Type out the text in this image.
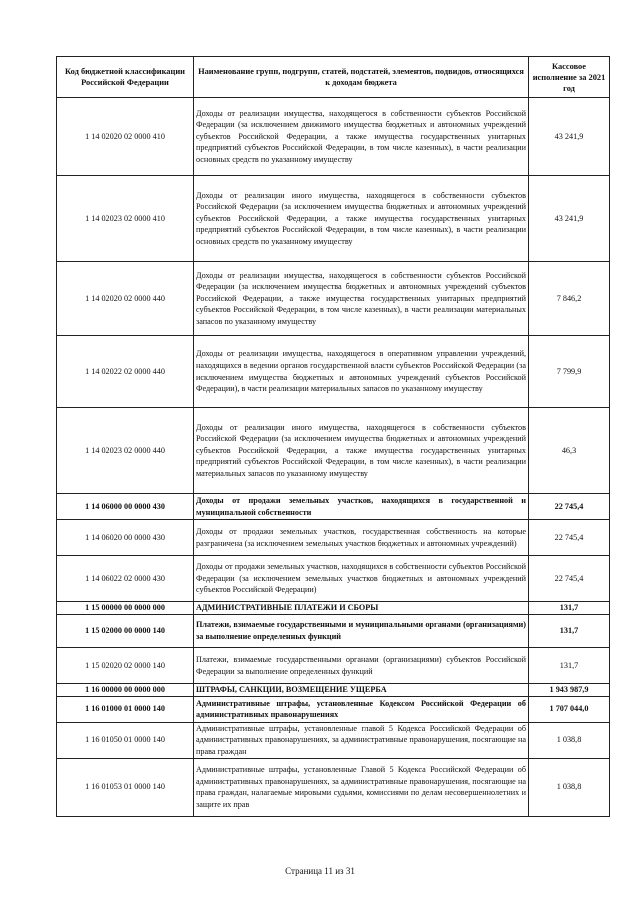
Код бюджетной классификации Российской Федерации	Наименование групп, подгрупп, статей, подстатей, элементов, подвидов, относящихся к доходам бюджета	Кассовое исполнение за 2021 год
1 14 02020 02 0000 410	Доходы от реализации имущества, находящегося в собственности субъектов Российской Федерации (за исключением движимого имущества бюджетных и автономных учреждений субъектов Российской Федерации, а также имущества государственных унитарных предприятий субъектов Российской Федерации, в том числе казенных), в части реализации основных средств по указанному имуществу	43 241,9
1 14 02023 02 0000 410	Доходы от реализации иного имущества, находящегося в собственности субъектов Российской Федерации (за исключением имущества бюджетных и автономных учреждений субъектов Российской Федерации, а также имущества государственных унитарных предприятий субъектов Российской Федерации, в том числе казенных), в части реализации основных средств по указанному имуществу	43 241,9
1 14 02020 02 0000 440	Доходы от реализации имущества, находящегося в собственности субъектов Российской Федерации (за исключением имущества бюджетных и автономных учреждений субъектов Российской Федерации, а также имущества государственных унитарных предприятий субъектов Российской Федерации, в том числе казенных), в части реализации материальных запасов по указанному имуществу	7 846,2
1 14 02022 02 0000 440	Доходы от реализации имущества, находящегося в оперативном управлении учреждений, находящихся в ведении органов государственной власти субъектов Российской Федерации (за исключением имущества бюджетных и автономных учреждений субъектов Российской Федерации), в части реализации материальных запасов по указанному имуществу	7 799,9
1 14 02023 02 0000 440	Доходы от реализации иного имущества, находящегося в собственности субъектов Российской Федерации (за исключением имущества бюджетных и автономных учреждений субъектов Российской Федерации, а также имущества государственных унитарных предприятий субъектов Российской Федерации, в том числе казенных), в части реализации материальных запасов по указанному имуществу	46,3
1 14 06000 00 0000 430	Доходы от продажи земельных участков, находящихся в государственной и муниципальной собственности	22 745,4
1 14 06020 00 0000 430	Доходы от продажи земельных участков, государственная собственность на которые разграничена (за исключением земельных участков бюджетных и автономных учреждений)	22 745,4
1 14 06022 02 0000 430	Доходы от продажи земельных участков, находящихся в собственности субъектов Российской Федерации (за исключением земельных участков бюджетных и автономных учреждений субъектов Российской Федерации)	22 745,4
1 15 00000 00 0000 000	АДМИНИСТРАТИВНЫЕ ПЛАТЕЖИ И СБОРЫ	131,7
1 15 02000 00 0000 140	Платежи, взимаемые государственными и муниципальными органами (организациями) за выполнение определенных функций	131,7
1 15 02020 02 0000 140	Платежи, взимаемые государственными органами (организациями) субъектов Российской Федерации за выполнение определенных функций	131,7
1 16 00000 00 0000 000	ШТРАФЫ, САНКЦИИ, ВОЗМЕЩЕНИЕ УЩЕРБА	1 943 987,9
1 16 01000 01 0000 140	Административные штрафы, установленные Кодексом Российской Федерации об административных правонарушениях	1 707 044,0
1 16 01050 01 0000 140	Административные штрафы, установленные главой 5 Кодекса Российской Федерации об административных правонарушениях, за административные правонарушения, посягающие на права граждан	1 038,8
1 16 01053 01 0000 140	Административные штрафы, установленные Главой 5 Кодекса Российской Федерации об административных правонарушениях, за административные правонарушения, посягающие на права граждан, налагаемые мировыми судьями, комиссиями по делам несовершеннолетних и защите их прав	1 038,8
Страница 11 из 31
